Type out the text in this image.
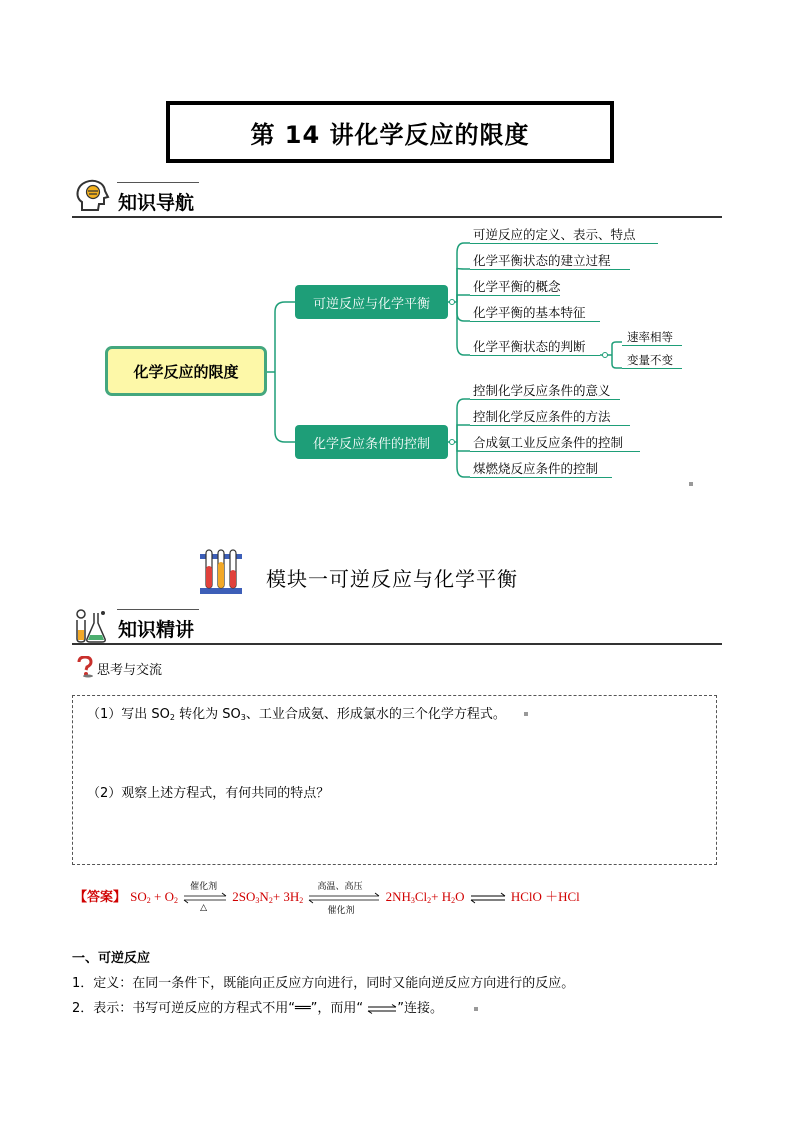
第 14 讲化学反应的限度
知识导航
化学反应的限度
可逆反应与化学平衡
化学反应条件的控制
可逆反应的定义、表示、特点
化学平衡状态的建立过程
化学平衡的概念
化学平衡的基本特征
化学平衡状态的判断
速率相等
变量不变
控制化学反应条件的意义
控制化学反应条件的方法
合成氨工业反应条件的控制
煤燃烧反应条件的控制
模块一可逆反应与化学平衡
知识精讲
思考与交流
（1）写出 $SO_2$ 转化为 $SO_3$、工业合成氨、形成氯水的三个化学方程式。
（2）观察上述方程式，有何共同的特点？
【答案】 $SO_2 + O_2$
催化剂
△
$2SO_3N_2+ 3H_2$
高温、高压
催化剂
$2NH_3Cl_2+ H_2O$ ⇌ HClO ＋HCl
一、可逆反应
1．定义：在同一条件下，既能向正反应方向进行，同时又能向逆反应方向进行的反应。
2．表示：书写可逆反应的方程式不用“══”，而用“ ⇌”连接。
